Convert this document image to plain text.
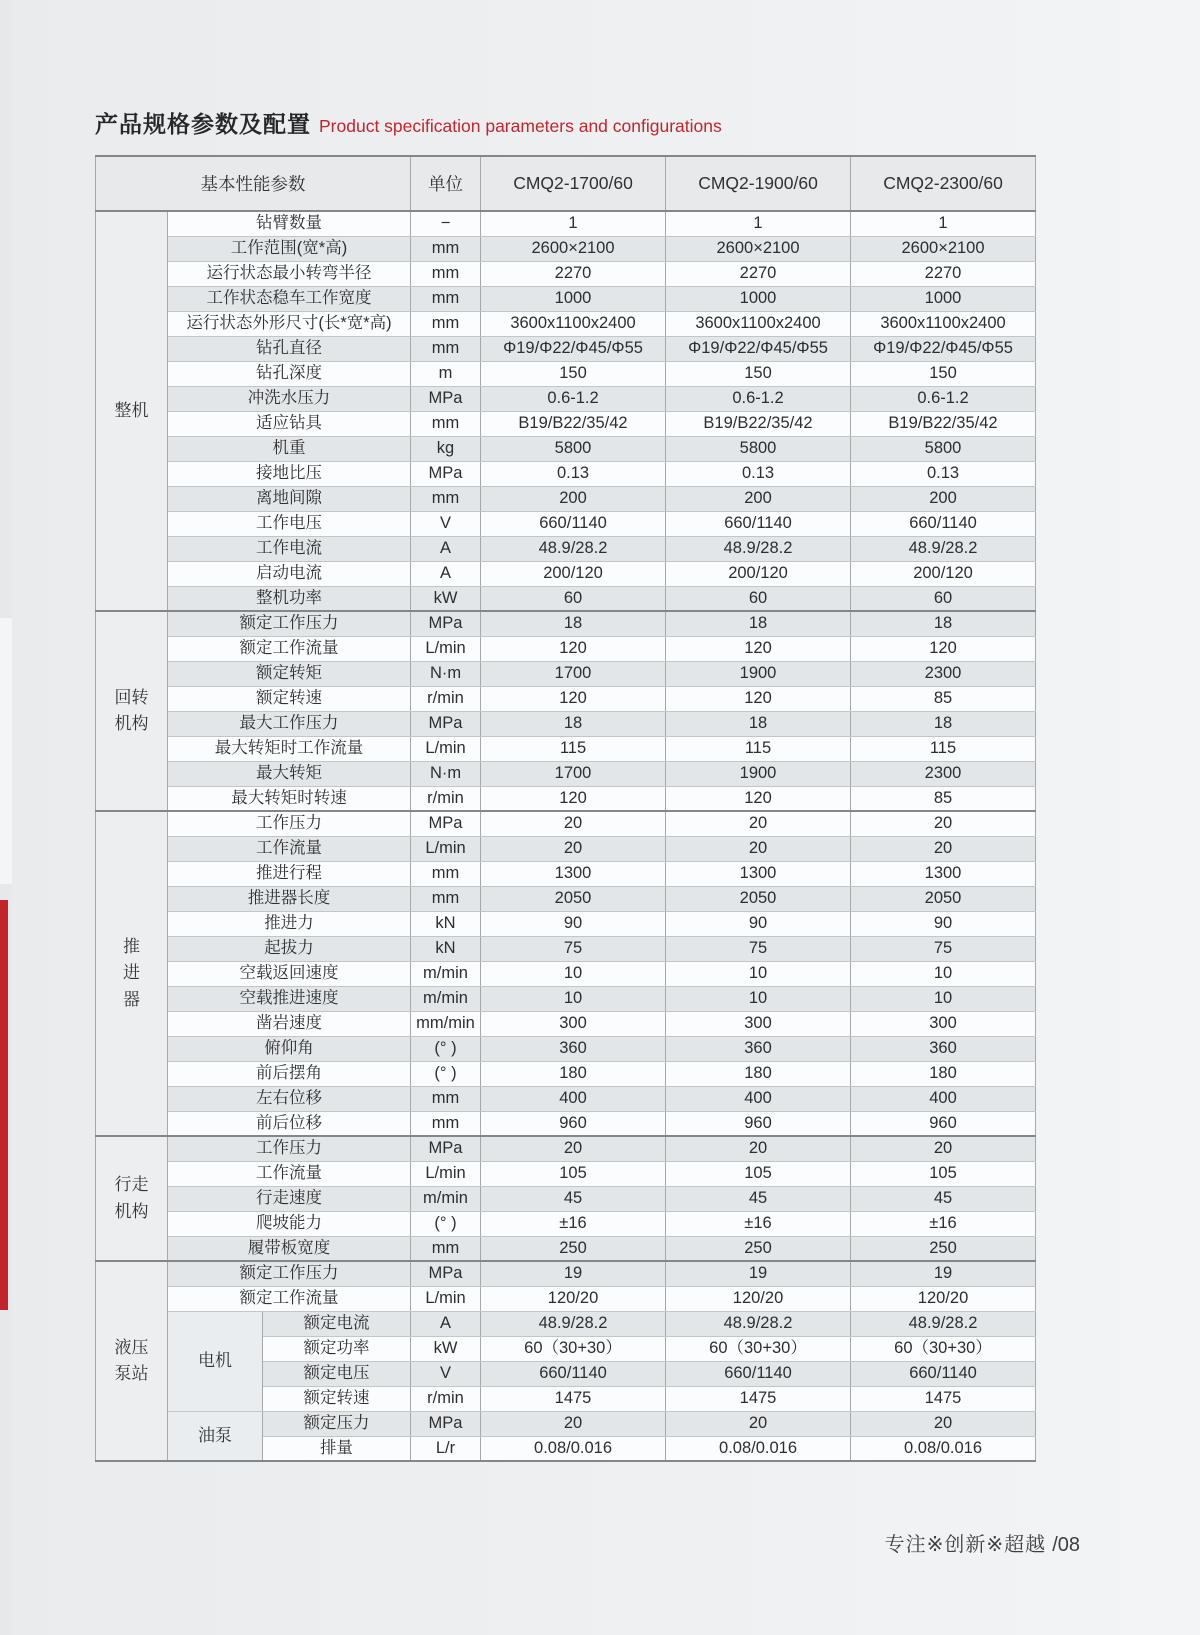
产品规格参数及配置 Product specification parameters and configurations
基本性能参数			单位	CMQ2-1700/60	CMQ2-1900/60	CMQ2-2300/60
整机	钻臂数量		−	1	1	1
	工作范围(宽*高)		mm	2600×2100	2600×2100	2600×2100
	运行状态最小转弯半径		mm	2270	2270	2270
	工作状态稳车工作宽度		mm	1000	1000	1000
	运行状态外形尺寸(长*宽*高)		mm	3600x1100x2400	3600x1100x2400	3600x1100x2400
	钻孔直径		mm	Φ19/Φ22/Φ45/Φ55	Φ19/Φ22/Φ45/Φ55	Φ19/Φ22/Φ45/Φ55
	钻孔深度		m	150	150	150
	冲洗水压力		MPa	0.6-1.2	0.6-1.2	0.6-1.2
	适应钻具		mm	B19/B22/35/42	B19/B22/35/42	B19/B22/35/42
	机重		kg	5800	5800	5800
	接地比压		MPa	0.13	0.13	0.13
	离地间隙		mm	200	200	200
	工作电压		V	660/1140	660/1140	660/1140
	工作电流		A	48.9/28.2	48.9/28.2	48.9/28.2
	启动电流		A	200/120	200/120	200/120
	整机功率		kW	60	60	60
回转
机构	额定工作压力		MPa	18	18	18
	额定工作流量		L/min	120	120	120
	额定转矩		N·m	1700	1900	2300
	额定转速		r/min	120	120	85
	最大工作压力		MPa	18	18	18
	最大转矩时工作流量		L/min	115	115	115
	最大转矩		N·m	1700	1900	2300
	最大转矩时转速		r/min	120	120	85
推
进
器	工作压力		MPa	20	20	20
	工作流量		L/min	20	20	20
	推进行程		mm	1300	1300	1300
	推进器长度		mm	2050	2050	2050
	推进力		kN	90	90	90
	起拔力		kN	75	75	75
	空载返回速度		m/min	10	10	10
	空载推进速度		m/min	10	10	10
	凿岩速度		mm/min	300	300	300
	俯仰角		(° )	360	360	360
	前后摆角		(° )	180	180	180
	左右位移		mm	400	400	400
	前后位移		mm	960	960	960
行走
机构	工作压力		MPa	20	20	20
	工作流量		L/min	105	105	105
	行走速度		m/min	45	45	45
	爬坡能力		(° )	±16	±16	±16
	履带板宽度		mm	250	250	250
液压
泵站	额定工作压力		MPa	19	19	19
	额定工作流量		L/min	120/20	120/20	120/20
	电机	额定电流	A	48.9/28.2	48.9/28.2	48.9/28.2
		额定功率	kW	60（30+30）	60（30+30）	60（30+30）
		额定电压	V	660/1140	660/1140	660/1140
		额定转速	r/min	1475	1475	1475
	油泵	额定压力	MPa	20	20	20
		排量	L/r	0.08/0.016	0.08/0.016	0.08/0.016
专注※创新※超越 /08
